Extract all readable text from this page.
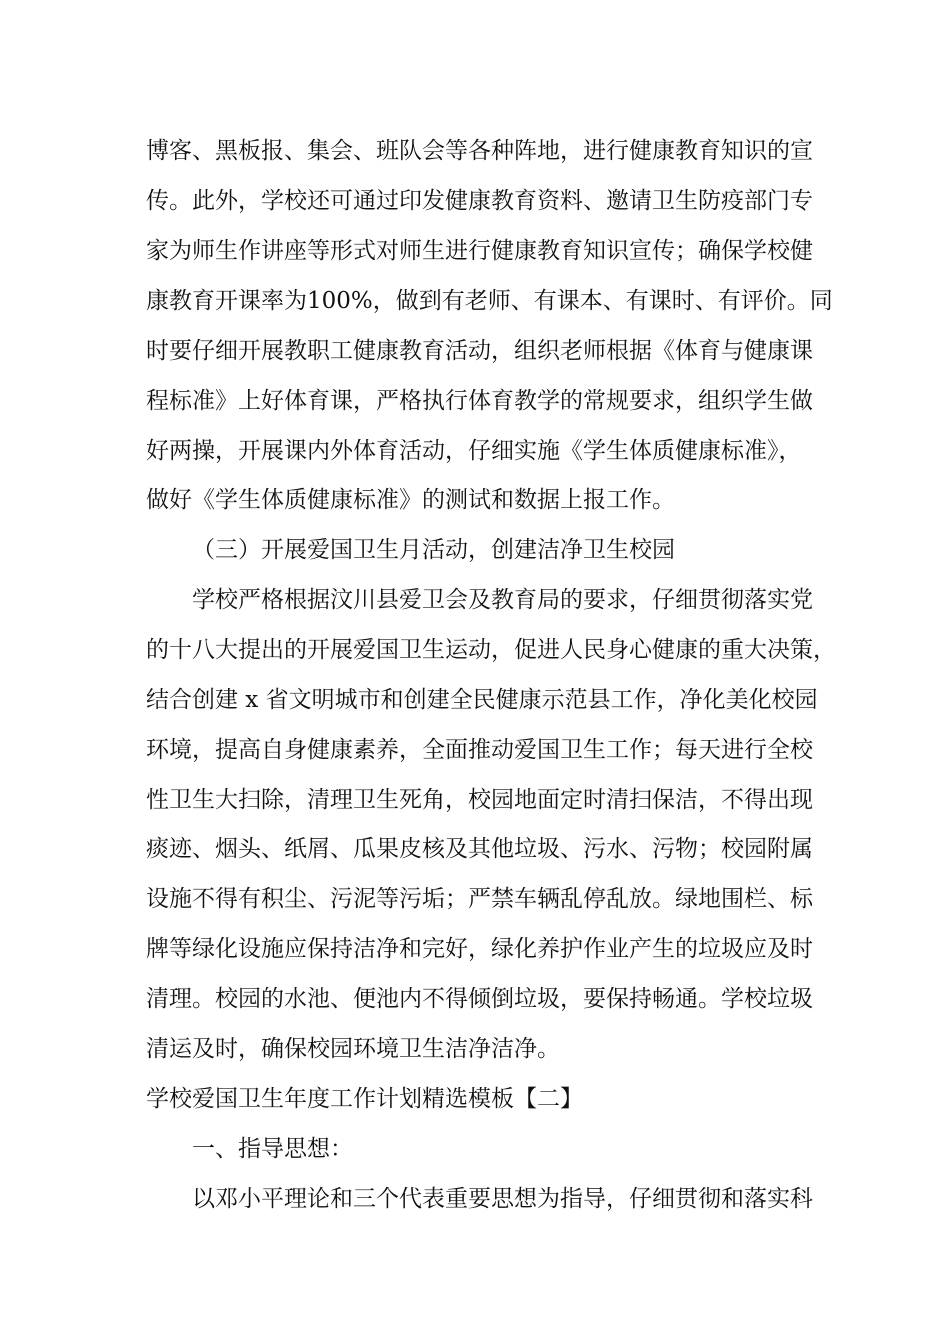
博客、黑板报、集会、班队会等各种阵地，进行健康教育知识的宣

传。此外，学校还可通过印发健康教育资料、邀请卫生防疫部门专

家为师生作讲座等形式对师生进行健康教育知识宣传；确保学校健

康教育开课率为100%，做到有老师、有课本、有课时、有评价。同

时要仔细开展教职工健康教育活动，组织老师根据《体育与健康课

程标准》上好体育课，严格执行体育教学的常规要求，组织学生做

好两操，开展课内外体育活动，仔细实施《学生体质健康标准》，

做好《学生体质健康标准》的测试和数据上报工作。

（三）开展爱国卫生月活动，创建洁净卫生校园

学校严格根据汶川县爱卫会及教育局的要求，仔细贯彻落实党

的十八大提出的开展爱国卫生运动，促进人民身心健康的重大决策，

结合创建 x 省文明城市和创建全民健康示范县工作，净化美化校园

环境，提高自身健康素养，全面推动爱国卫生工作；每天进行全校

性卫生大扫除，清理卫生死角，校园地面定时清扫保洁，不得出现

痰迹、烟头、纸屑、瓜果皮核及其他垃圾、污水、污物；校园附属

设施不得有积尘、污泥等污垢；严禁车辆乱停乱放。绿地围栏、标

牌等绿化设施应保持洁净和完好，绿化养护作业产生的垃圾应及时

清理。校园的水池、便池内不得倾倒垃圾，要保持畅通。学校垃圾

清运及时，确保校园环境卫生洁净洁净。

学校爱国卫生年度工作计划精选模板【二】

一、指导思想：

以邓小平理论和三个代表重要思想为指导，仔细贯彻和落实科
